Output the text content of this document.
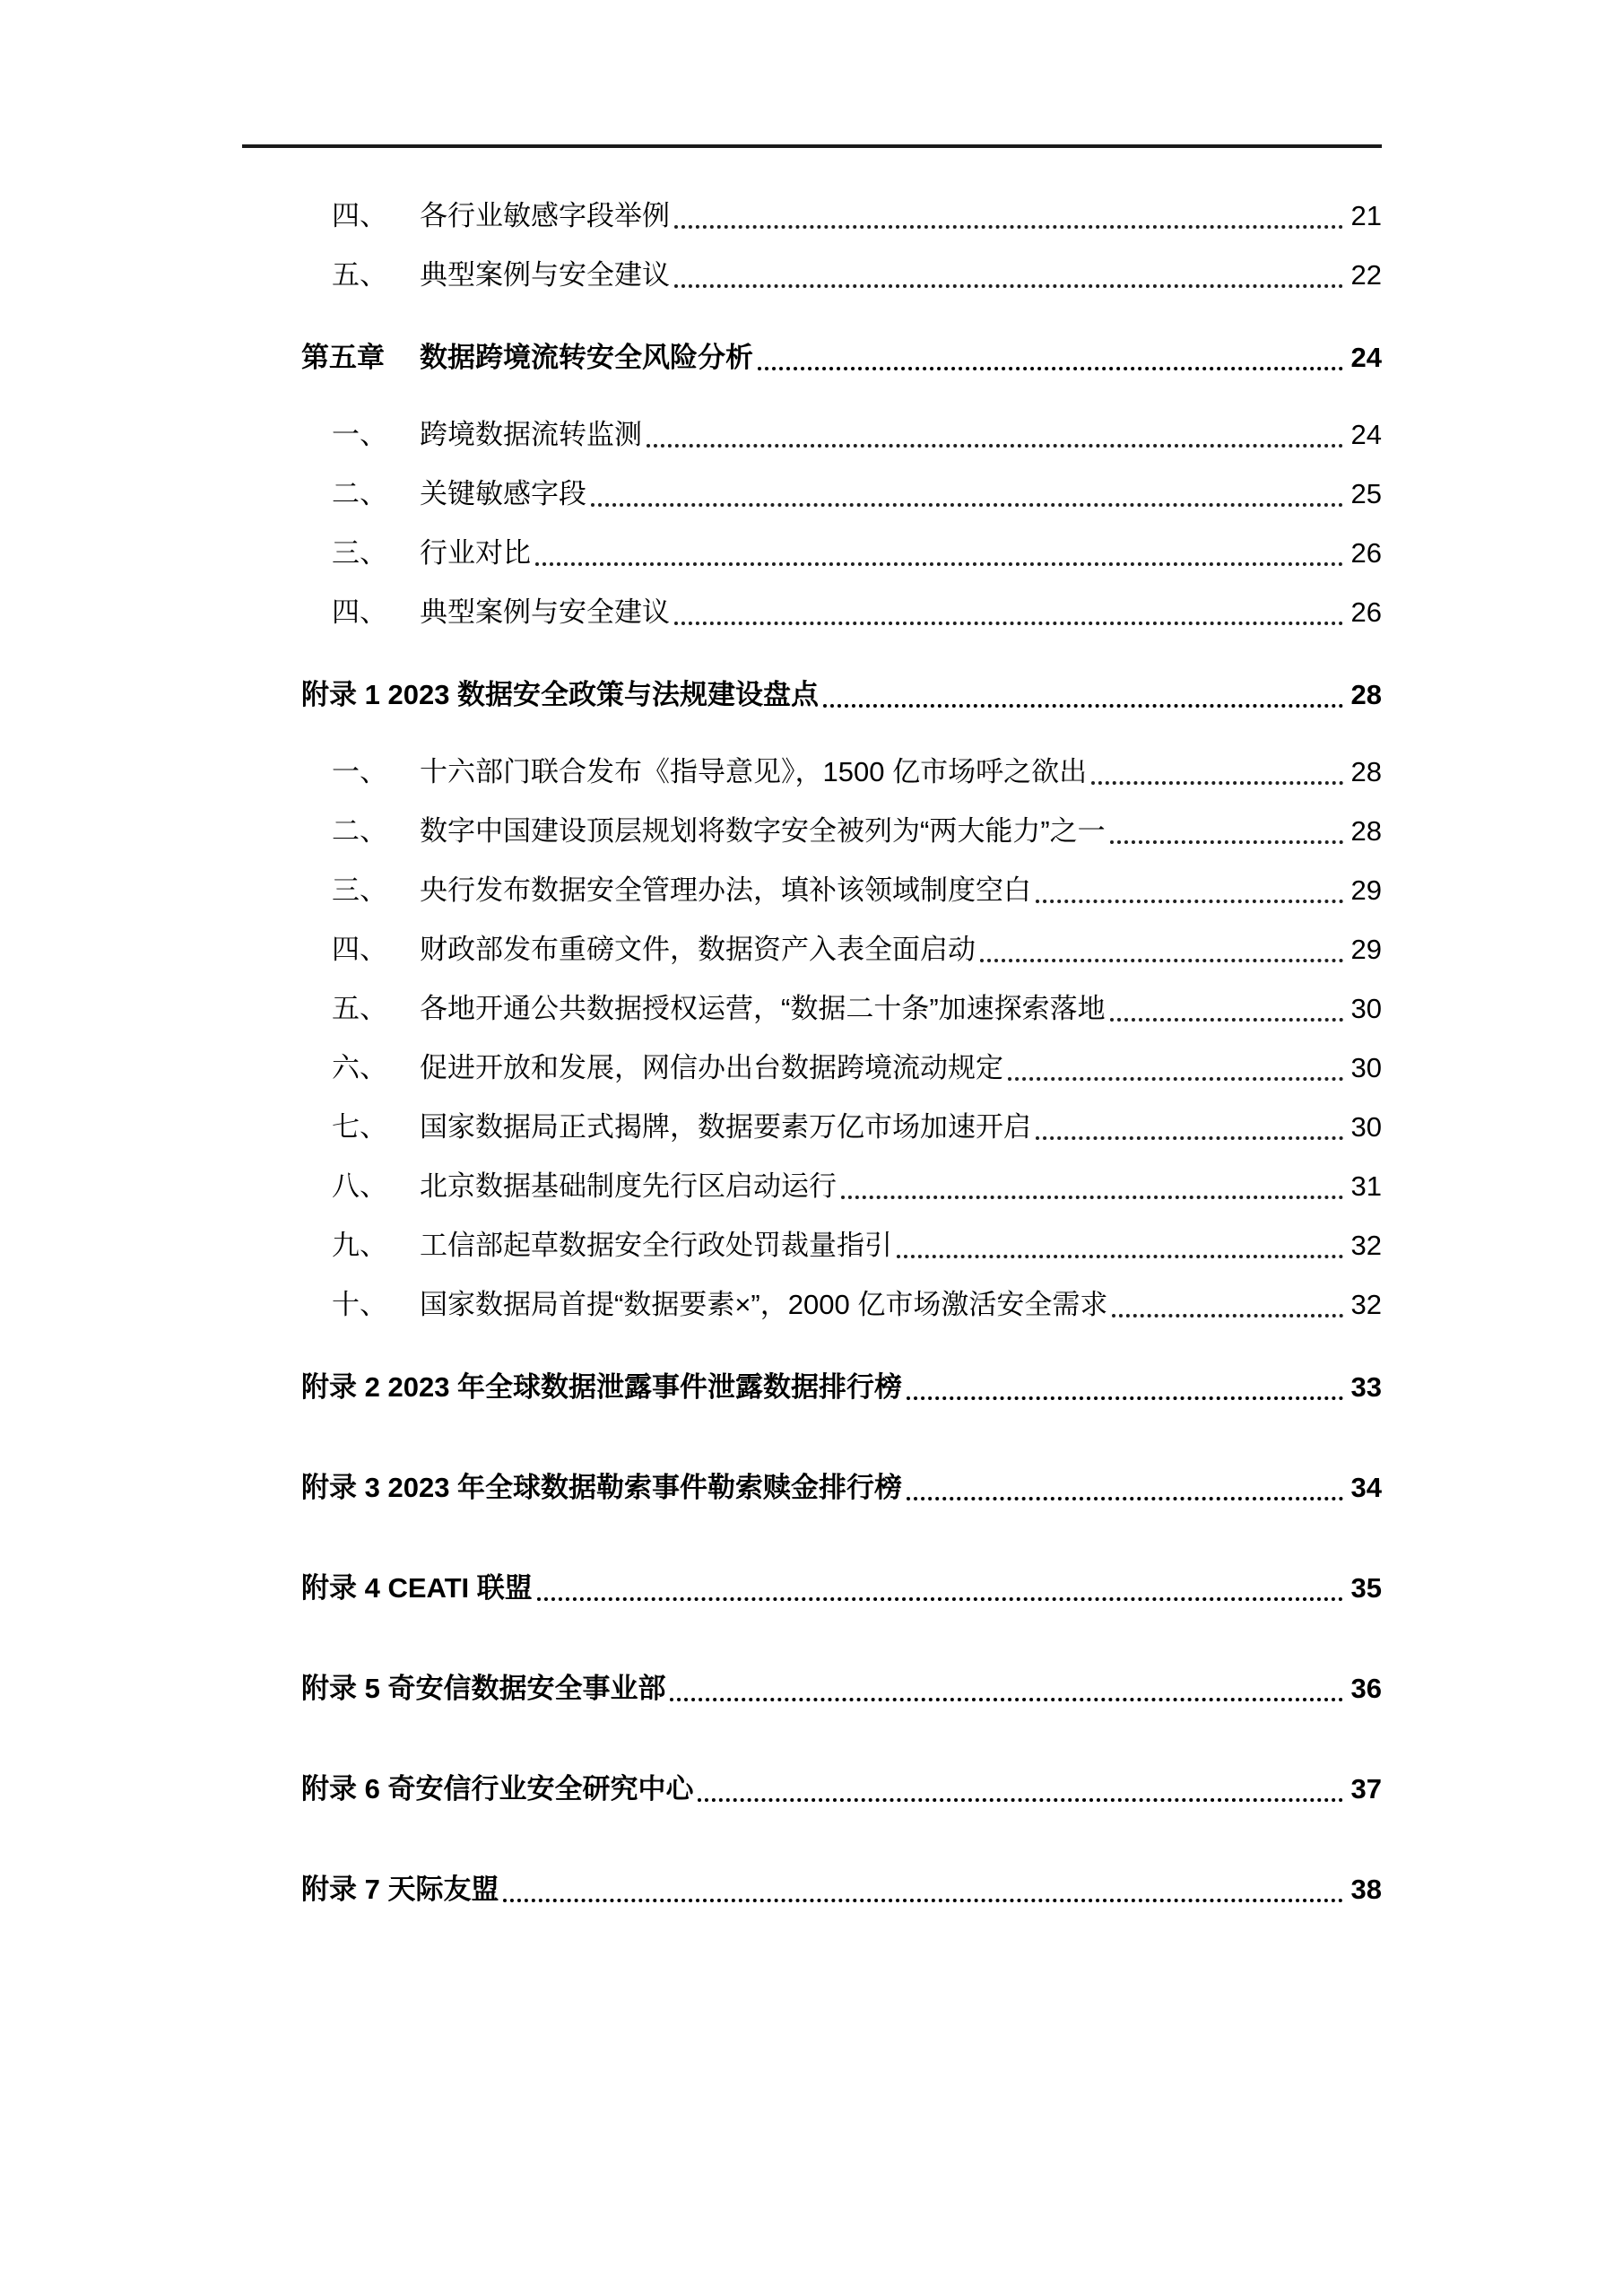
四、	各行业敏感字段举例	21
五、	典型案例与安全建议	22
第五章	数据跨境流转安全风险分析	24
一、	跨境数据流转监测	24
二、	关键敏感字段	25
三、	行业对比	26
四、	典型案例与安全建议	26
附录 1 2023 数据安全政策与法规建设盘点	28
一、	十六部门联合发布《指导意见》，1500 亿市场呼之欲出	28
二、	数字中国建设顶层规划将数字安全被列为“两大能力”之一	28
三、	央行发布数据安全管理办法，填补该领域制度空白	29
四、	财政部发布重磅文件，数据资产入表全面启动	29
五、	各地开通公共数据授权运营，“数据二十条”加速探索落地	30
六、	促进开放和发展，网信办出台数据跨境流动规定	30
七、	国家数据局正式揭牌，数据要素万亿市场加速开启	30
八、	北京数据基础制度先行区启动运行	31
九、	工信部起草数据安全行政处罚裁量指引	32
十、	国家数据局首提“数据要素×”，2000 亿市场激活安全需求	32
附录 2 2023 年全球数据泄露事件泄露数据排行榜	33
附录 3 2023 年全球数据勒索事件勒索赎金排行榜	34
附录 4 CEATI 联盟	35
附录 5 奇安信数据安全事业部	36
附录 6 奇安信行业安全研究中心	37
附录 7 天际友盟	38
